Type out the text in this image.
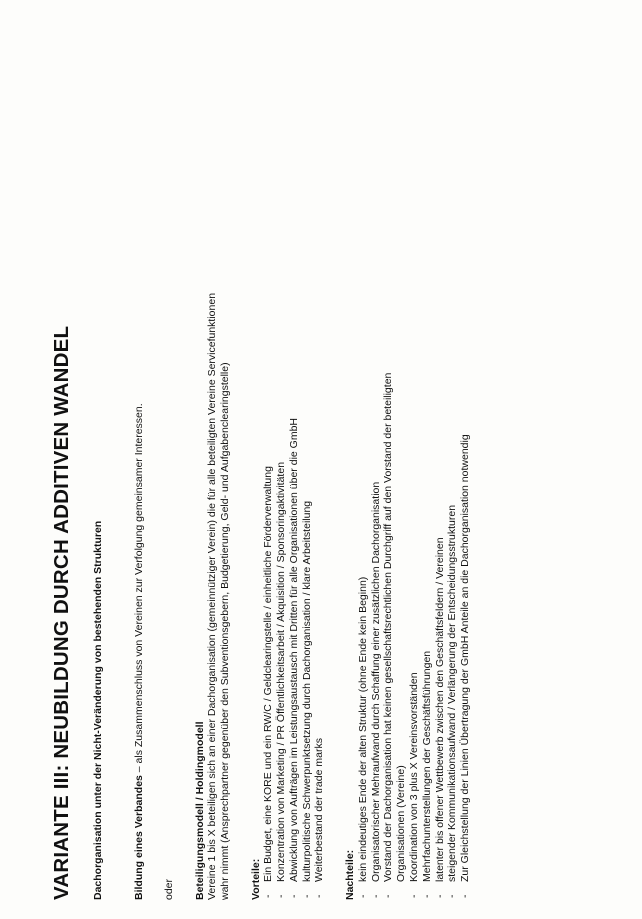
VARIANTE III: NEUBILDUNG DURCH ADDITIVEN WANDEL Dachorganisation unter der Nicht-Veränderung von bestehenden Strukturen	Bildung eines Verbandes – als Zusammenschluss von Vereinen zur Verfolgung gemeinsamer Interessen.
oder Beteiligungsmodell / Holdingmodell Vereine 1 bis X beteiligen sich an einer Dachorganisation (gemeinnütziger Verein) die für alle beteiligten Vereine Servicefunktionen wahr nimmt (Ansprechpartner gegenüber den Subventionsgebern, Budgetierung, Geld- und Aufgabenclearingstelle) Vorteile: -
Ein Budget, eine KORE und ein RW/C / Geldclearingstelle / einheitliche Förderverwaltung
-
Konzentration von Marketing / PR Öffentlichkeitsarbeit / Akquisition / Sponsoringaktivitäten
-
Abwicklung von Aufträgen im Leistungsaustausch mit Dritten für alle Organisationen über die GmbH
-
kulturpolitische Schwerpunktsetzung durch Dachorganisation / klare Arbeitsteilung
-
Weiterbestand der trade marks Nachteile: -
kein eindeutiges Ende der alten Struktur (ohne Ende kein Beginn)
-
Organisatorischer Mehraufwand durch Schaffung einer zusätzlichen Dachorganisation
-
Vorstand der Dachorganisation hat keinen gesellschaftsrechtlichen Durchgriff auf den Vorstand der beteiligten Organisationen (Vereine)
-
Koordination von 3 plus X Vereinsvorständen
-
Mehrfachunterstellungen der Geschäftsführungen
-
latenter bis offener Wettbewerb zwischen den Geschäftsfeldern / Vereinen
-
steigender Kommunikationsaufwand / Verlängerung der Entscheidungsstrukturen
-
Zur Gleichstellung der Linien Übertragung der GmbH Anteile an die Dachorganisation notwendig
